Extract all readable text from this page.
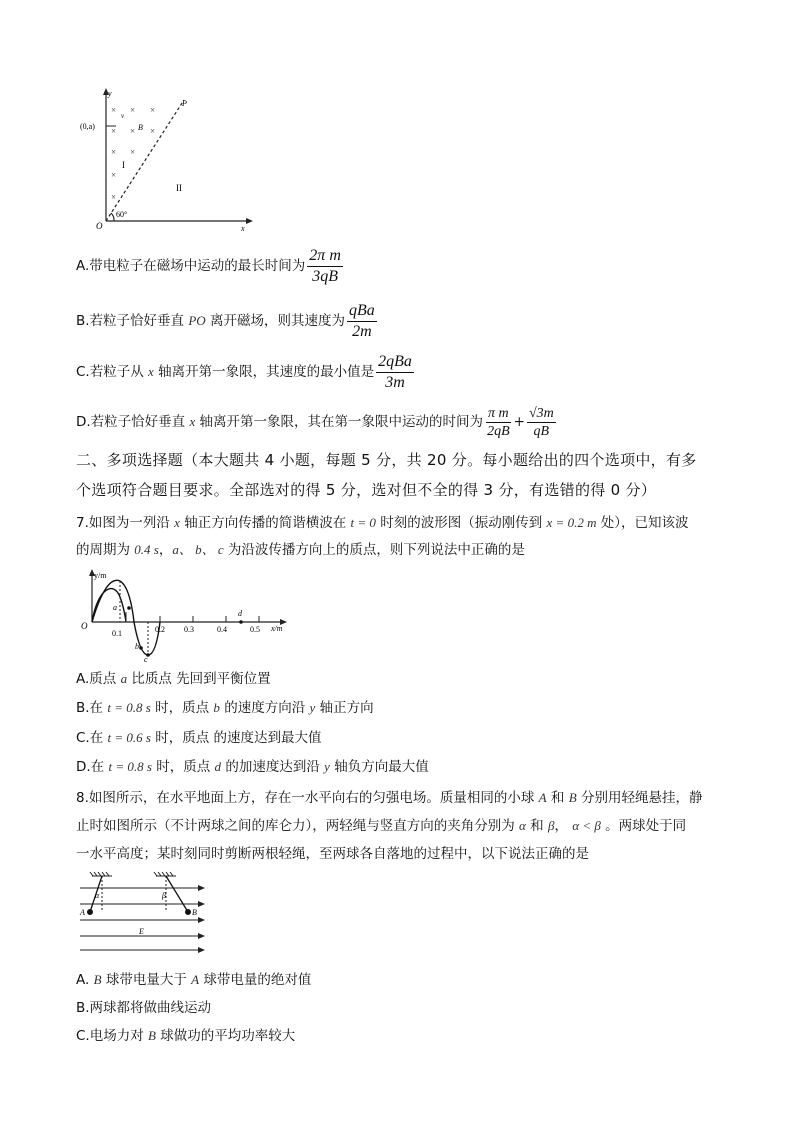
y
x
O
(0,a)
P
v
B
I
II
60°
× × ×
× × ×
× ×
×
×
A.带电粒子在磁场中运动的最长时间为 $\frac{\text{2π m}}{3qB}$
B.若粒子恰好垂直 PO 离开磁场，则其速度为 $\frac{\text{qBa}}{2m}$
C.若粒子从 x 轴离开第一象限，其速度的最小值是 $\frac{\text{2qBa}}{3m}$
D.若粒子恰好垂直 x 轴离开第一象限，其在第一象限中运动的时间为 $\frac{\text{π m}}{2qB} + \frac{√3m}{qB}$
二、多项选择题（本大题共 4 小题，每题 5 分，共 20 分。每小题给出的四个选项中，有多
个选项符合题目要求。全部选对的得 5 分，选对但不全的得 3 分，有选错的得 0 分）
7.如图为一列沿 x 轴正方向传播的简谐横波在 t = 0 时刻的波形图（振动刚传到 x = 0.2 m 处），已知该波
的周期为 0.4 s，a、 b、 c 为沿波传播方向上的质点，则下列说法中正确的是
y/m
x/m
O
0.1	0.2 0.3	0.4	0.5
a
b
c
d
A.质点 a 比质点 先回到平衡位置
B.在 t = 0.8 s 时，质点 b 的速度方向沿 y 轴正方向
C.在 t = 0.6 s 时，质点 的速度达到最大值
D.在 t = 0.8 s 时，质点 d 的加速度达到沿 y 轴负方向最大值
8.如图所示，在水平地面上方，存在一水平向右的匀强电场。质量相同的小球 A 和 B 分别用轻绳悬挂，静
止时如图所示（不计两球之间的库仑力），两轻绳与竖直方向的夹角分别为 α 和 β， α < β 。两球处于同
一水平高度；某时刻同时剪断两根轻绳，至两球各自落地的过程中，以下说法正确的是
α	β
A	B
E
A. B 球带电量大于 A 球带电量的绝对值
B.两球都将做曲线运动
C.电场力对 B 球做功的平均功率较大
